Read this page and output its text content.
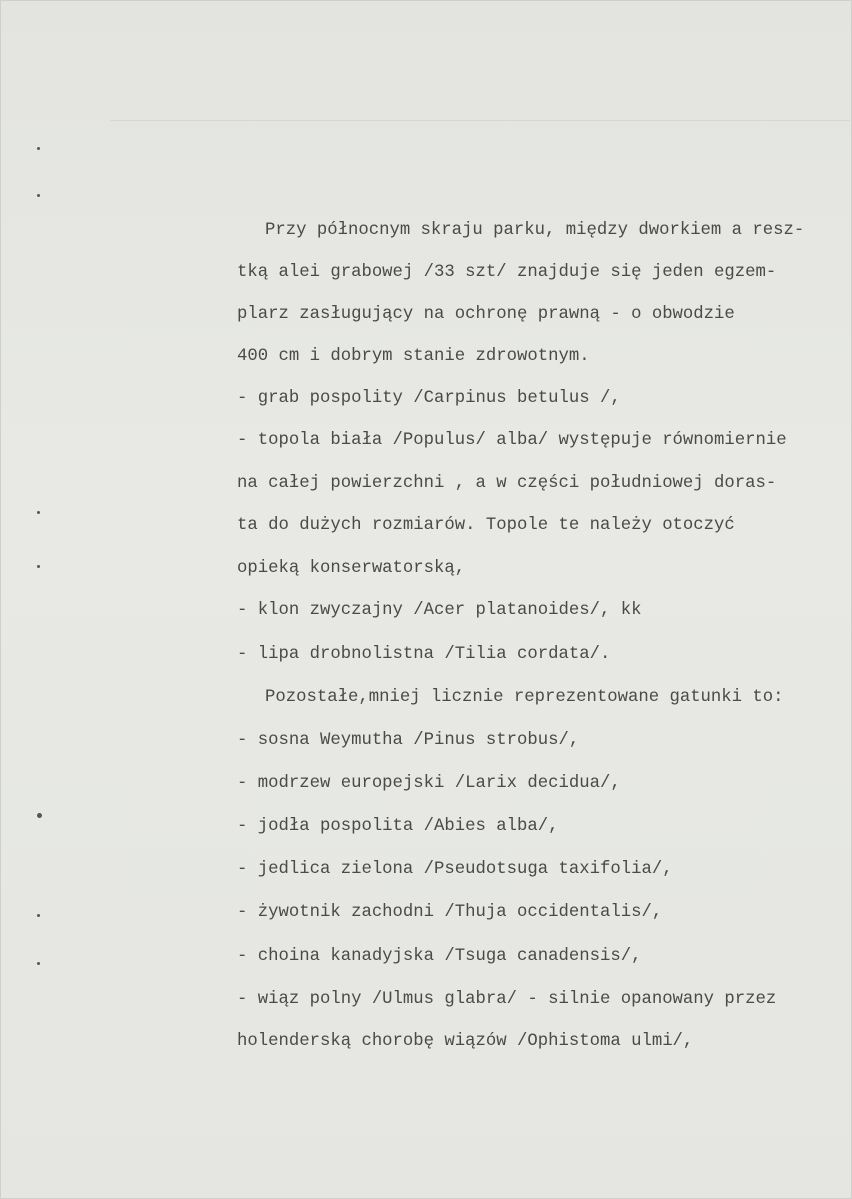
Przy północnym skraju parku, między dworkiem a resz-
tką alei grabowej /33 szt/ znajduje się jeden egzem-
plarz zasługujący na ochronę prawną - o obwodzie
400 cm i dobrym stanie zdrowotnym.
- grab pospolity /Carpinus betulus /,
- topola biała /Populus/ alba/ występuje równomiernie
na całej powierzchni , a w części południowej doras-
ta do dużych rozmiarów. Topole te należy otoczyć
opieką konserwatorską,
- klon zwyczajny /Acer platanoides/, kk
- lipa drobnolistna /Tilia cordata/.
Pozostałe,mniej licznie reprezentowane gatunki to:
- sosna Weymutha /Pinus strobus/,
- modrzew europejski /Larix decidua/,
- jodła pospolita /Abies alba/,
- jedlica zielona /Pseudotsuga taxifolia/,
- żywotnik zachodni /Thuja occidentalis/,
- choina kanadyjska /Tsuga canadensis/,
- wiąz polny /Ulmus glabra/ - silnie opanowany przez
holenderską chorobę wiązów /Ophistoma ulmi/,
